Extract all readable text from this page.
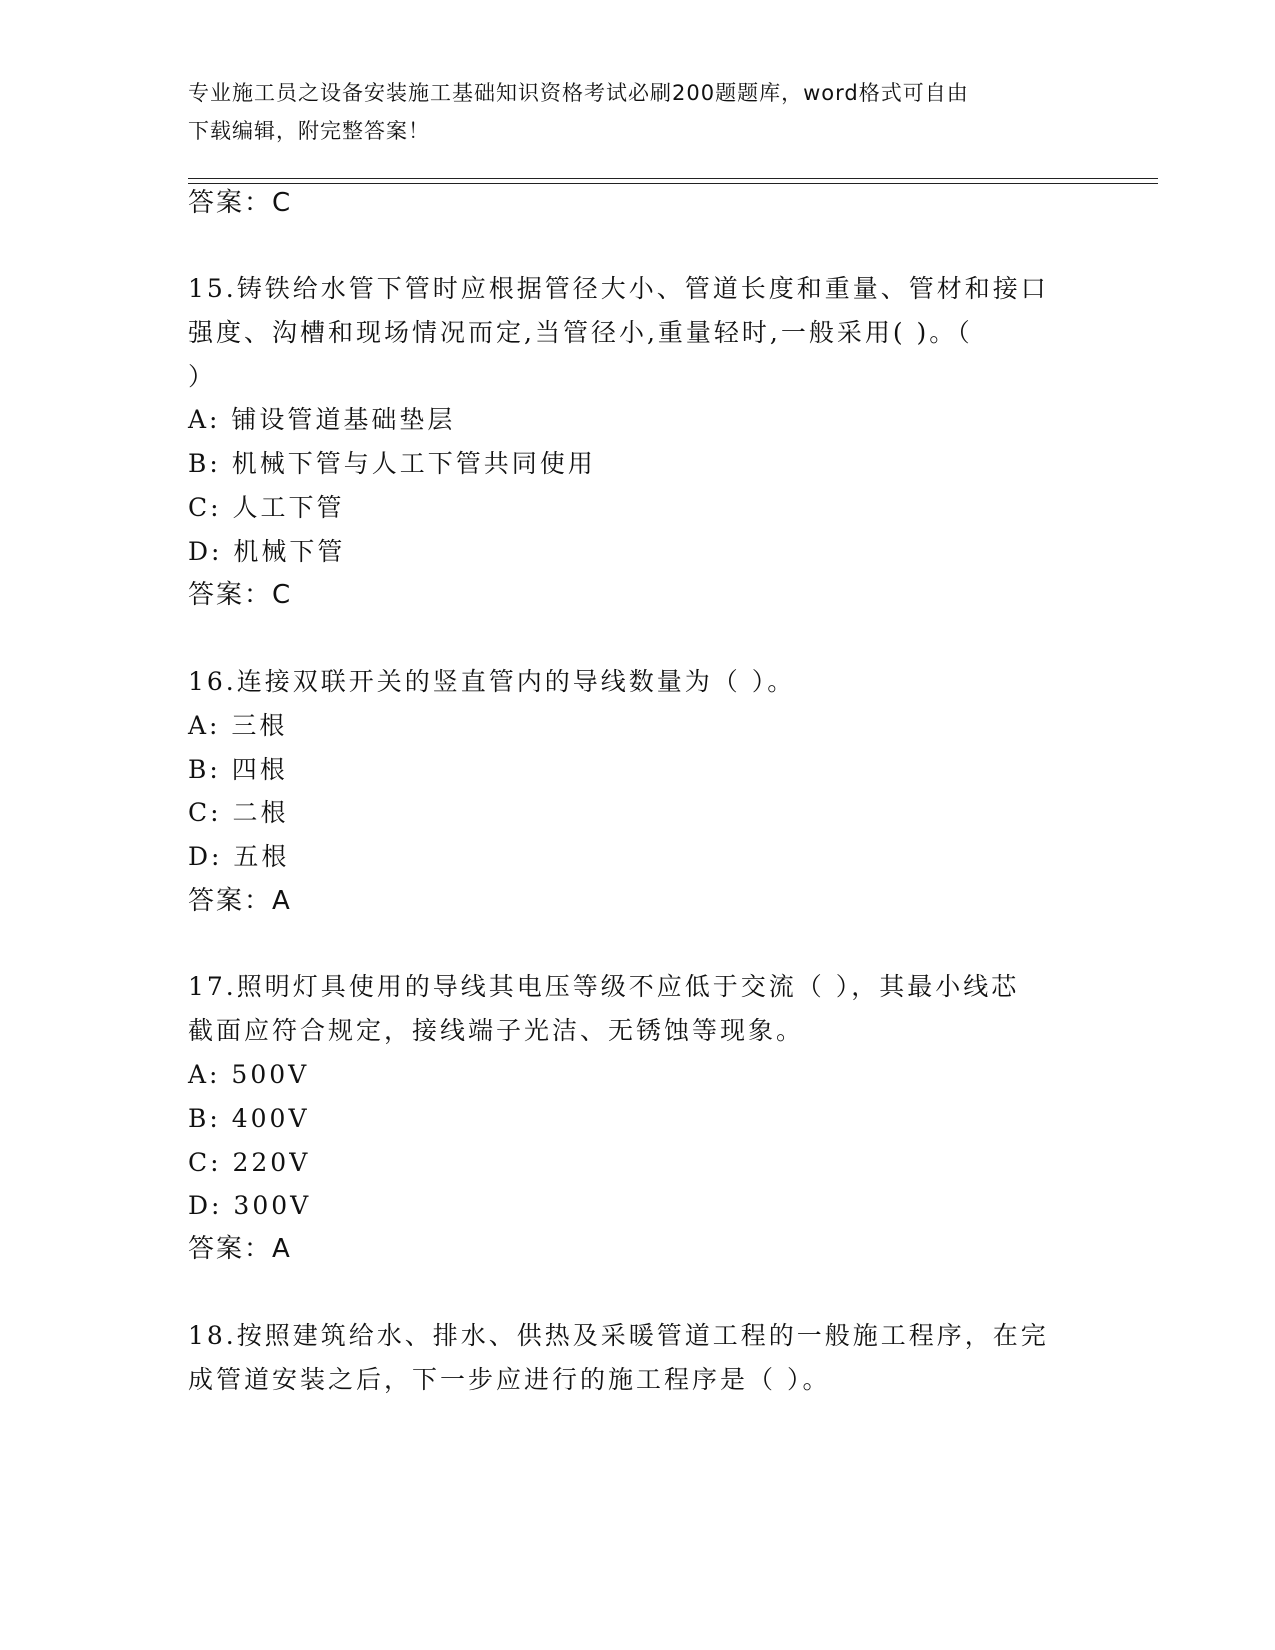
专业施工员之设备安装施工基础知识资格考试必刷200题题库，word格式可自由
下载编辑，附完整答案！
答案：C
15.铸铁给水管下管时应根据管径大小、管道长度和重量、管材和接口
强度、沟槽和现场情况而定,当管径小,重量轻时,一般采用( )。（
）
A: 铺设管道基础垫层
B: 机械下管与人工下管共同使用
C: 人工下管
D: 机械下管
答案：C
16.连接双联开关的竖直管内的导线数量为（ ）。
A: 三根
B: 四根
C: 二根
D: 五根
答案：A
17.照明灯具使用的导线其电压等级不应低于交流（ ），其最小线芯
截面应符合规定，接线端子光洁、无锈蚀等现象。
A: 500V
B: 400V
C: 220V
D: 300V
答案：A
18.按照建筑给水、排水、供热及采暖管道工程的一般施工程序，在完
成管道安装之后，下一步应进行的施工程序是（ ）。
